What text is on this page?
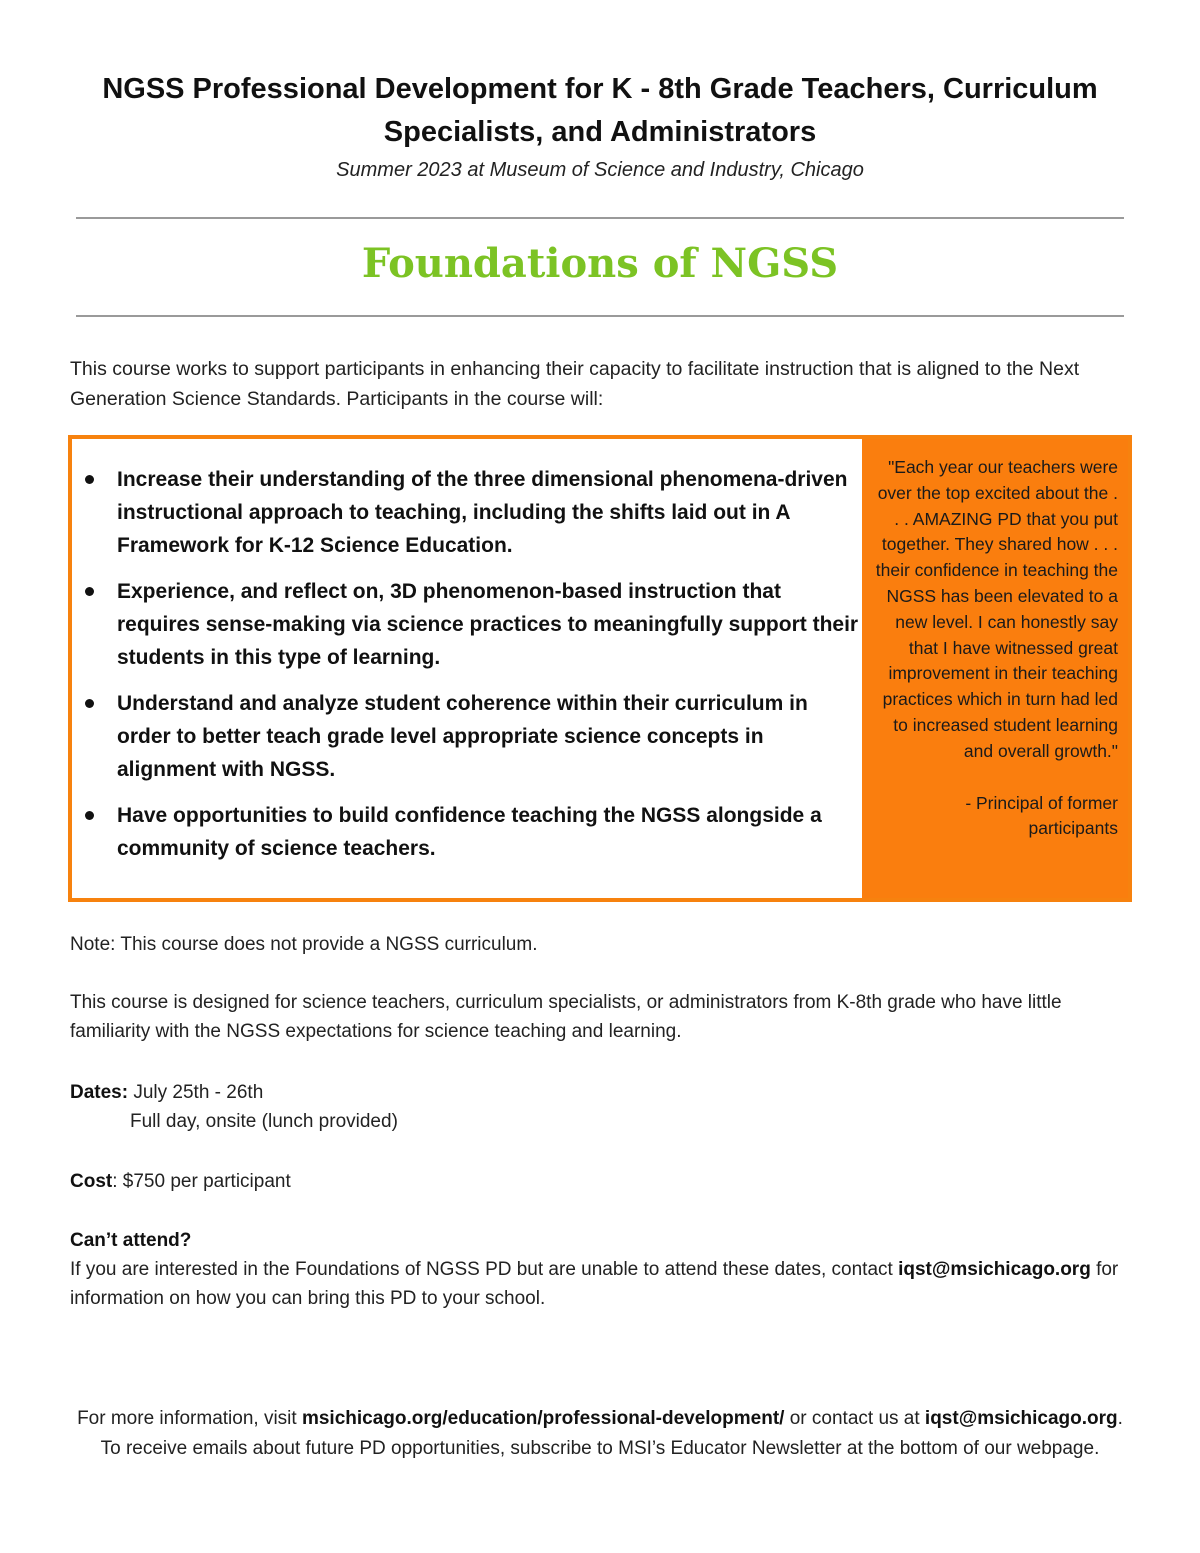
NGSS Professional Development for K - 8th Grade Teachers, Curriculum Specialists, and Administrators
Summer 2023 at Museum of Science and Industry, Chicago
Foundations of NGSS
This course works to support participants in enhancing their capacity to facilitate instruction that is aligned to the Next Generation Science Standards. Participants in the course will:
Increase their understanding of the three dimensional phenomena-driven instructional approach to teaching, including the shifts laid out in A Framework for K-12 Science Education.
Experience, and reflect on, 3D phenomenon-based instruction that requires sense-making via science practices to meaningfully support their students in this type of learning.
Understand and analyze student coherence within their curriculum in order to better teach grade level appropriate science concepts in alignment with NGSS.
Have opportunities to build confidence teaching the NGSS alongside a community of science teachers.
"Each year our teachers were over the top excited about the . . . AMAZING PD that you put together. They shared how . . . their confidence in teaching the NGSS has been elevated to a new level. I can honestly say that I have witnessed great improvement in their teaching practices which in turn had led to increased student learning and overall growth."
- Principal of former participants
Note: This course does not provide a NGSS curriculum.
This course is designed for science teachers, curriculum specialists, or administrators from K-8th grade who have little familiarity with the NGSS expectations for science teaching and learning.
Dates: July 25th - 26th
Full day, onsite (lunch provided)
Cost: $750 per participant
Can’t attend?
If you are interested in the Foundations of NGSS PD but are unable to attend these dates, contact iqst@msichicago.org for information on how you can bring this PD to your school.
For more information, visit msichicago.org/education/professional-development/ or contact us at iqst@msichicago.org.
To receive emails about future PD opportunities, subscribe to MSI’s Educator Newsletter at the bottom of our webpage.
